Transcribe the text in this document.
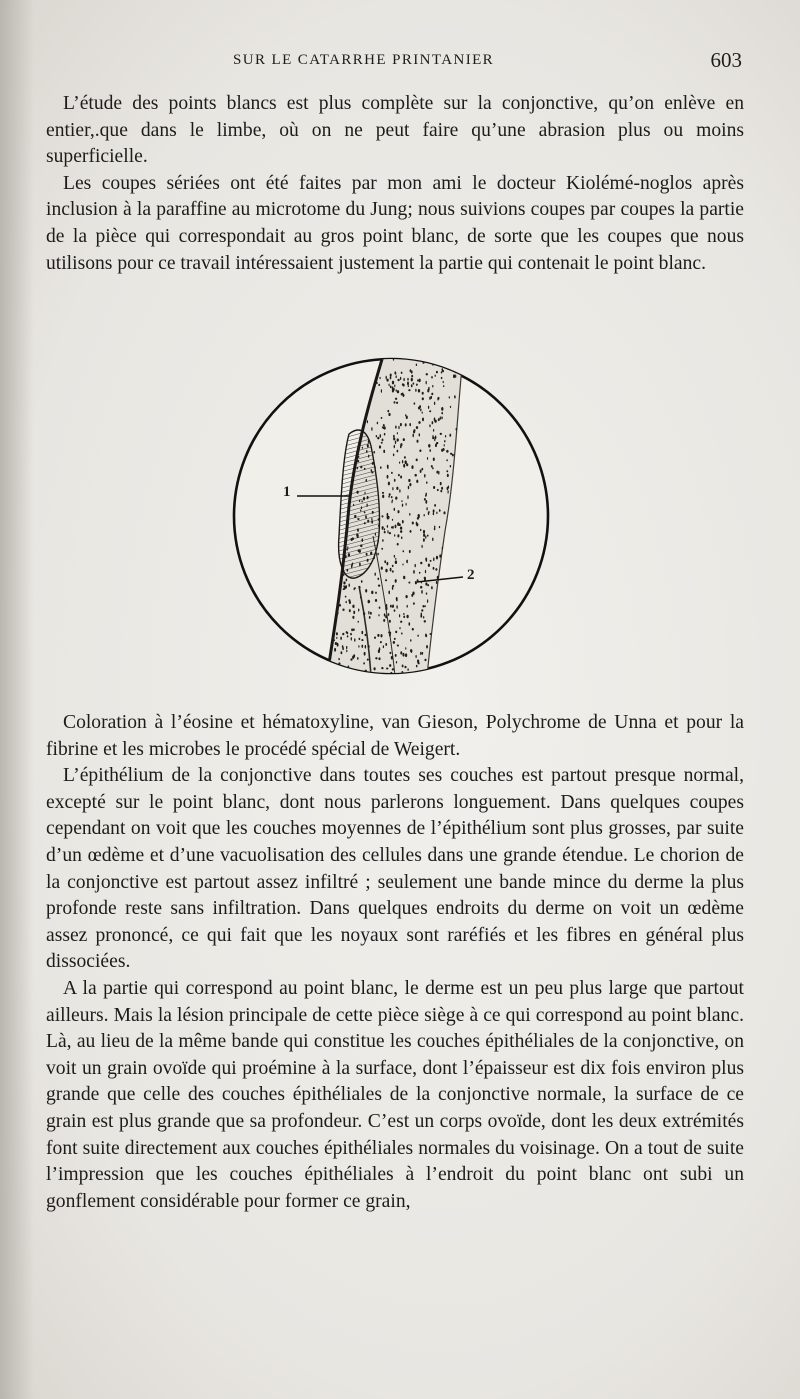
SUR LE CATARRHE PRINTANIER	603

L’étude des points blancs est plus complète sur la conjonctive, qu’on enlève en entier,.que dans le limbe, où on ne peut faire qu’une abrasion plus ou moins superficielle.

Les coupes sériées ont été faites par mon ami le docteur Kiolémé-noglos après inclusion à la paraffine au microtome du Jung; nous suivions coupes par coupes la partie de la pièce qui correspondait au gros point blanc, de sorte que les coupes que nous utilisons pour ce travail intéressaient justement la partie qui contenait le point blanc.

1
2

Coloration à l’éosine et hématoxyline, van Gieson, Polychrome de Unna et pour la fibrine et les microbes le procédé spécial de Weigert.

L’épithélium de la conjonctive dans toutes ses couches est partout presque normal, excepté sur le point blanc, dont nous parlerons longuement. Dans quelques coupes cependant on voit que les couches moyennes de l’épithélium sont plus grosses, par suite d’un œdème et d’une vacuolisation des cellules dans une grande étendue. Le chorion de la conjonctive est partout assez infiltré ; seulement une bande mince du derme la plus profonde reste sans infiltration. Dans quelques endroits du derme on voit un œdème assez prononcé, ce qui fait que les noyaux sont raréfiés et les fibres en général plus dissociées.

A la partie qui correspond au point blanc, le derme est un peu plus large que partout ailleurs. Mais la lésion principale de cette pièce siège à ce qui correspond au point blanc. Là, au lieu de la même bande qui constitue les couches épithéliales de la conjonctive, on voit un grain ovoïde qui proémine à la surface, dont l’épaisseur est dix fois environ plus grande que celle des couches épithéliales de la conjonctive normale, la surface de ce grain est plus grande que sa profondeur. C’est un corps ovoïde, dont les deux extrémités font suite directement aux couches épithéliales normales du voisinage. On a tout de suite l’impression que les couches épithéliales à l’endroit du point blanc ont subi un gonflement considérable pour former ce grain,
